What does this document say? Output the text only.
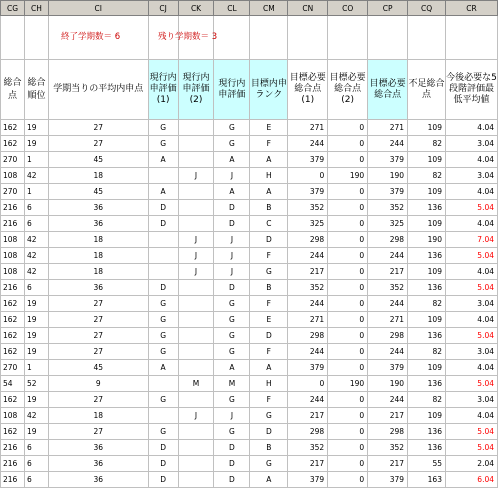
CG	CH	CI	CJ	CK	CL	CM	CN	CO	CP	CQ	CR

総合点	総合順位	学期当りの平均内申点	現行内申評価(1)	現行内申評価(2)	現行内申評価	目標内申ランク	目標必要総合点(1)	目標必要総合点(2)	目標必要総合点	不足総合点	今後必要な5段階評価最低平均値
162	19	27	G		G	E	271	0	271	109	4.04
162	19	27	G		G	F	244	0	244	82	3.04
270	1	45	A		A	A	379	0	379	109	4.04
108	42	18		J	J	H	0	190	190	82	3.04
270	1	45	A		A	A	379	0	379	109	4.04
216	6	36	D		D	B	352	0	352	136	5.04
216	6	36	D		D	C	325	0	325	109	4.04
108	42	18		J	J	D	298	0	298	190	7.04
108	42	18		J	J	F	244	0	244	136	5.04
108	42	18		J	J	G	217	0	217	109	4.04
216	6	36	D		D	B	352	0	352	136	5.04
162	19	27	G		G	F	244	0	244	82	3.04
162	19	27	G		G	E	271	0	271	109	4.04
162	19	27	G		G	D	298	0	298	136	5.04
162	19	27	G		G	F	244	0	244	82	3.04
270	1	45	A		A	A	379	0	379	109	4.04
54	52	9		M	M	H	0	190	190	136	5.04
162	19	27	G		G	F	244	0	244	82	3.04
108	42	18		J	J	G	217	0	217	109	4.04
162	19	27	G		G	D	298	0	298	136	5.04
216	6	36	D		D	B	352	0	352	136	5.04
216	6	36	D		D	G	217	0	217	55	2.04
216	6	36	D		D	A	379	0	379	163	6.04
終了学期数＝ 6	残り学期数＝ 3
